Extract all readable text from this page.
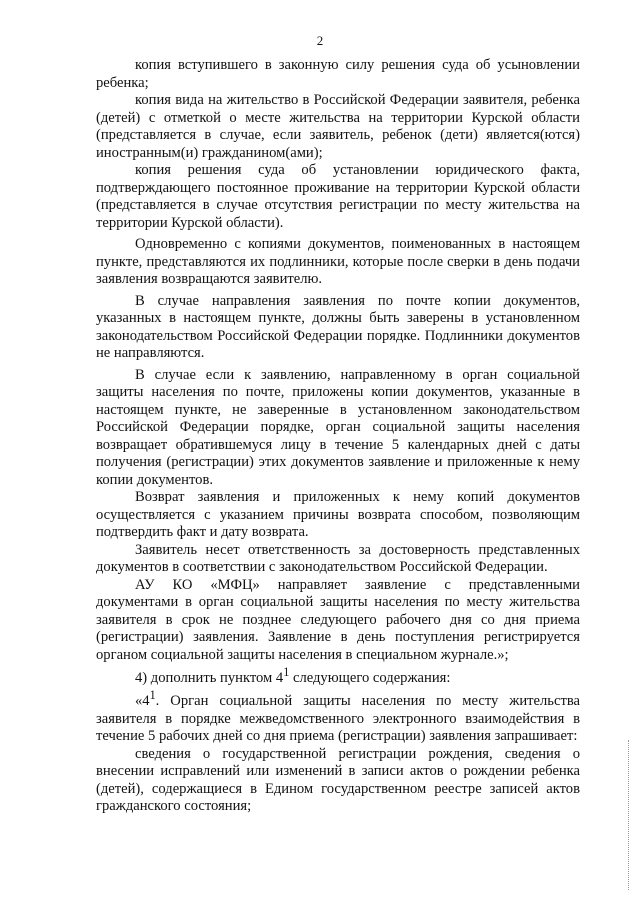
2

копия вступившего в законную силу решения суда об усыновлении ребенка;

копия вида на жительство в Российской Федерации заявителя, ребенка (детей) с отметкой о месте жительства на территории Курской области (представляется в случае, если заявитель, ребенок (дети) является(ются) иностранным(и) гражданином(ами);

копия решения суда об установлении юридического факта, подтверждающего постоянное проживание на территории Курской области (представляется в случае отсутствия регистрации по месту жительства на территории Курской области).

Одновременно с копиями документов, поименованных в настоящем пункте, представляются их подлинники, которые после сверки в день подачи заявления возвращаются заявителю.

В случае направления заявления по почте копии документов, указанных в настоящем пункте, должны быть заверены в установленном законодательством Российской Федерации порядке. Подлинники документов не направляются.

В случае если к заявлению, направленному в орган социальной защиты населения по почте, приложены копии документов, указанные в настоящем пункте, не заверенные в установленном законодательством Российской Федерации порядке, орган социальной защиты населения возвращает обратившемуся лицу в течение 5 календарных дней с даты получения (регистрации) этих документов заявление и приложенные к нему копии документов.

Возврат заявления и приложенных к нему копий документов осуществляется с указанием причины возврата способом, позволяющим подтвердить факт и дату возврата.

Заявитель несет ответственность за достоверность представленных документов в соответствии с законодательством Российской Федерации.

АУ КО «МФЦ» направляет заявление с представленными документами в орган социальной защиты населения по месту жительства заявителя в срок не позднее следующего рабочего дня со дня приема (регистрации) заявления. Заявление в день поступления регистрируется органом социальной защиты населения в специальном журнале.»;

4) дополнить пунктом $4^1$ следующего содержания:

«$4^1$. Орган социальной защиты населения по месту жительства заявителя в порядке межведомственного электронного взаимодействия в течение 5 рабочих дней со дня приема (регистрации) заявления запрашивает:

сведения о государственной регистрации рождения, сведения о внесении исправлений или изменений в записи актов о рождении ребенка (детей), содержащиеся в Едином государственном реестре записей актов гражданского состояния;
